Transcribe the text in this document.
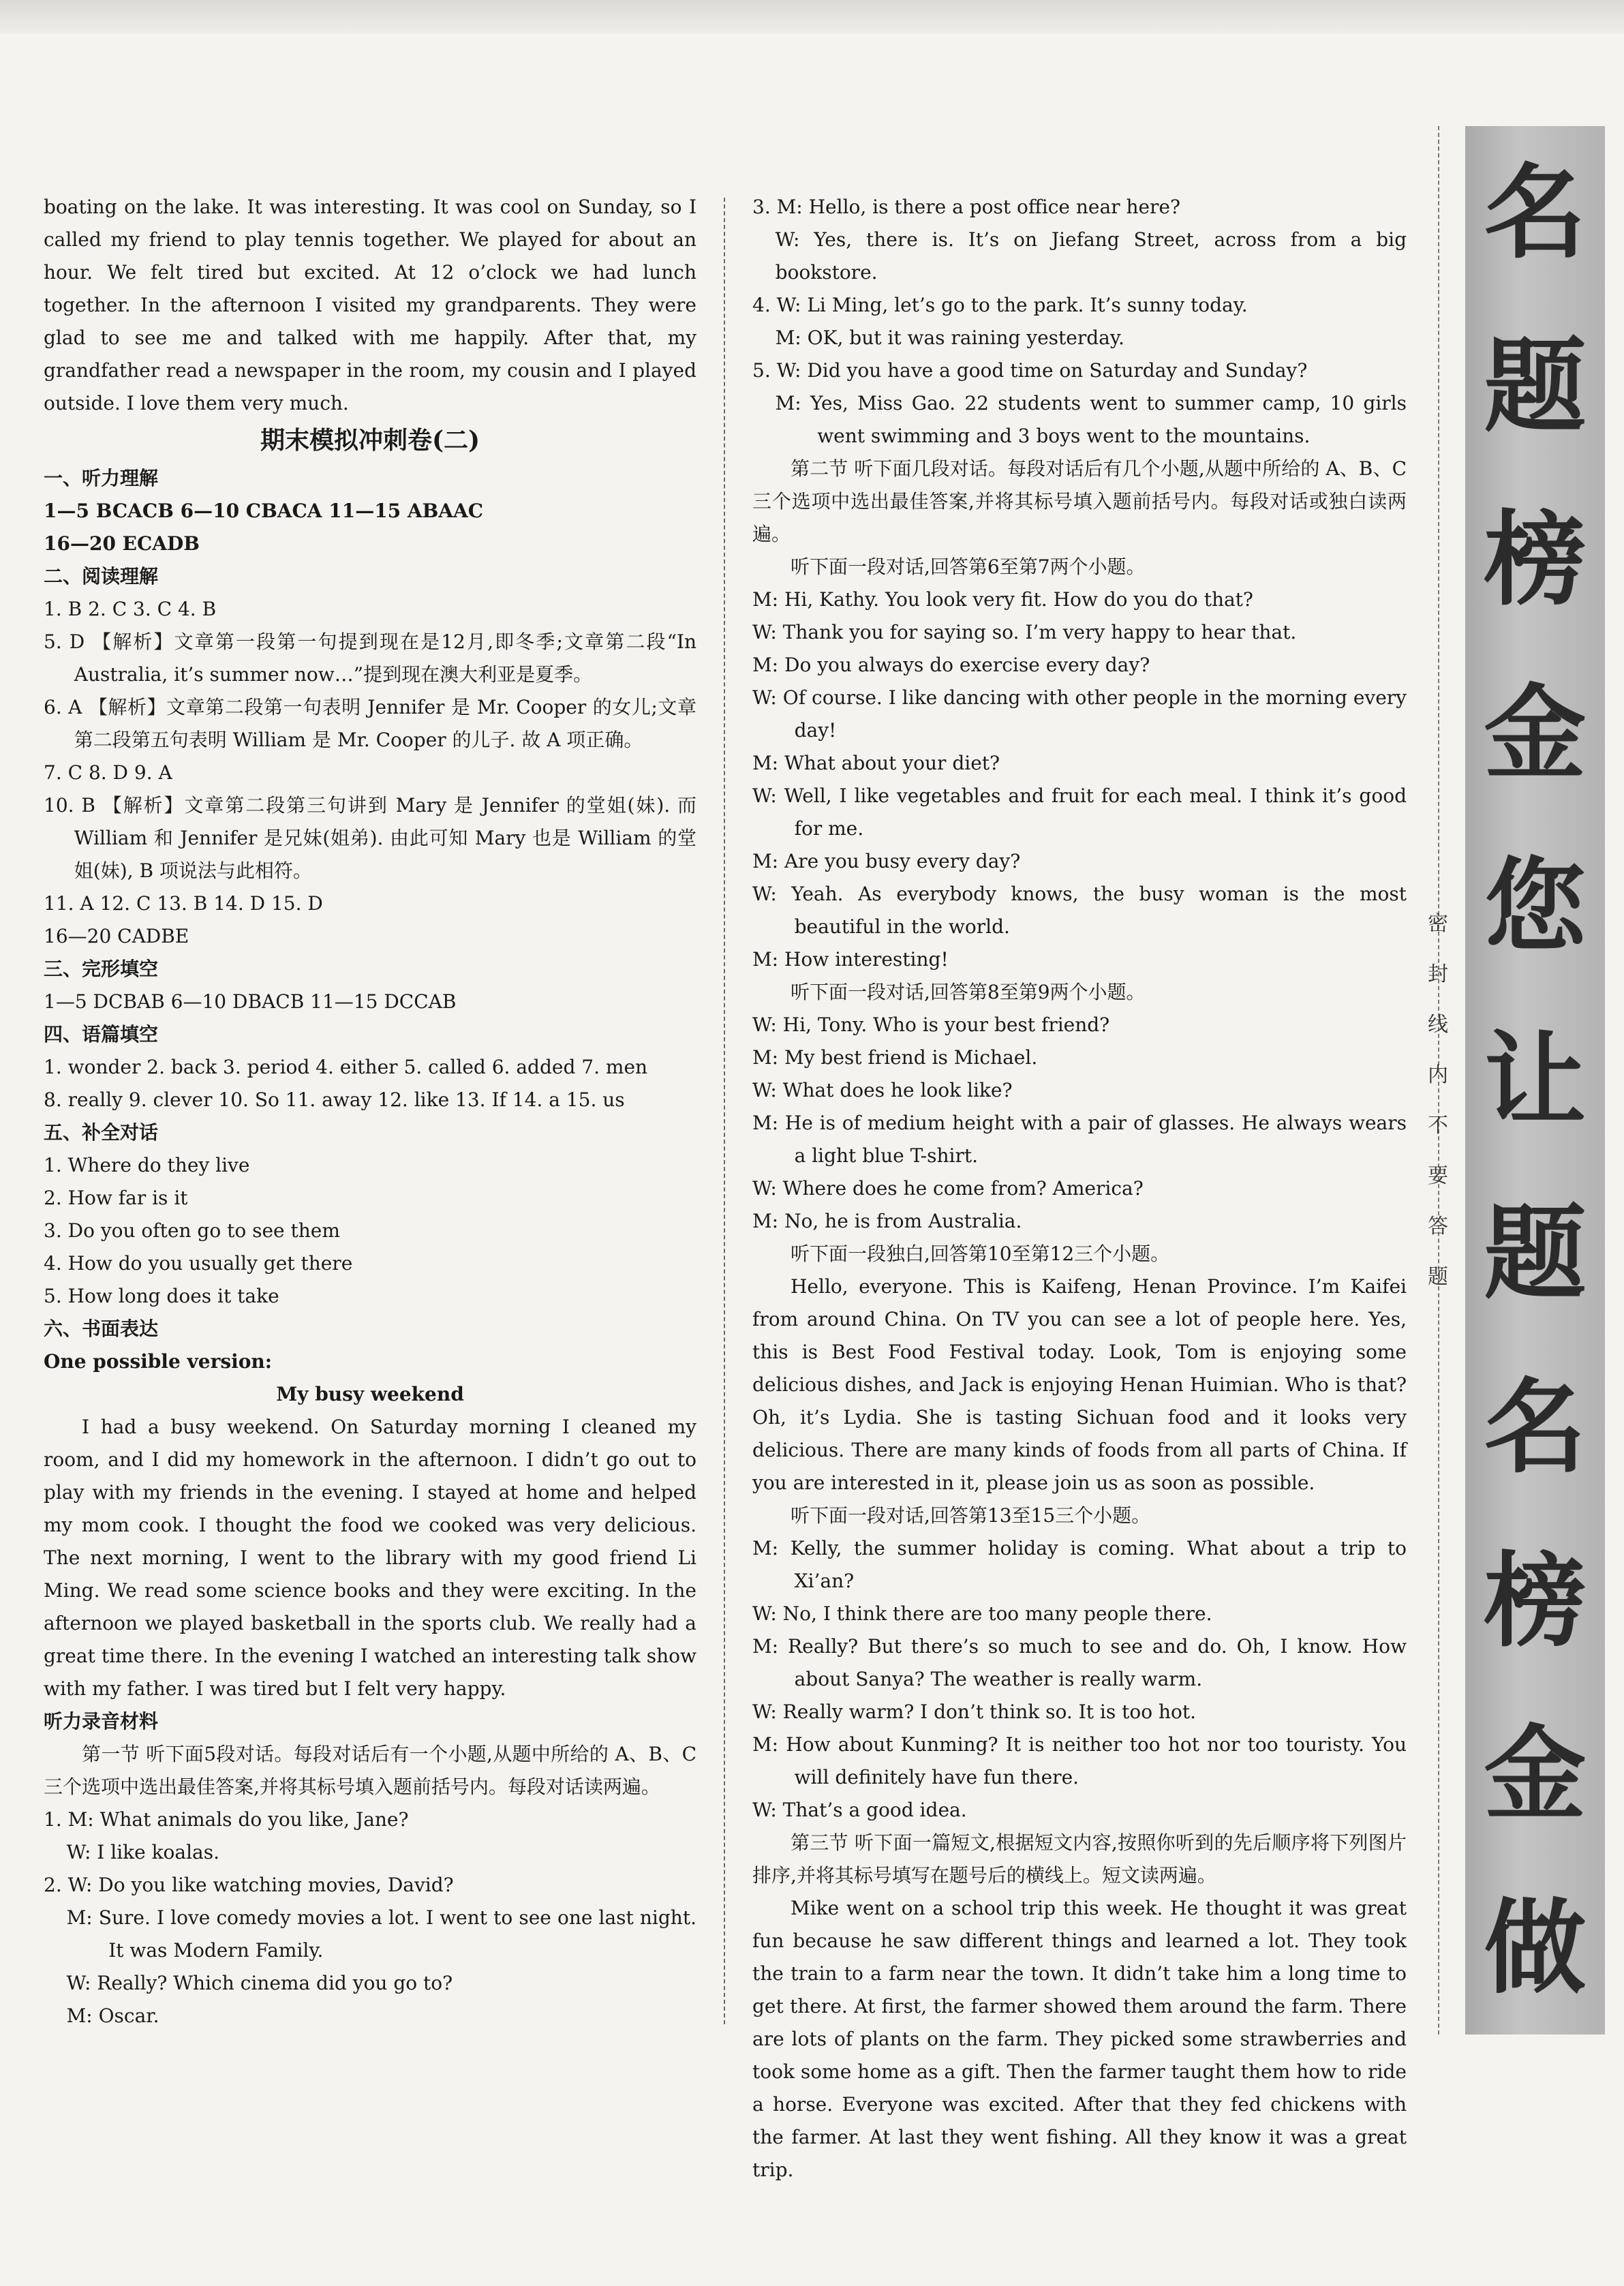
boating on the lake. It was interesting. It was cool on Sunday, so I called my friend to play tennis together. We played for about an hour. We felt tired but excited. At 12 o’clock we had lunch together. In the afternoon I visited my grandparents. They were glad to see me and talked with me happily. After that, my grandfather read a newspaper in the room, my cousin and I played outside. I love them very much.

期末模拟冲刺卷(二)

一、听力理解

1—5 BCACB 6—10 CBACA 11—15 ABAAC

16—20 ECADB

二、阅读理解

1. B 2. C 3. C 4. B

5. D 【解析】文章第一段第一句提到现在是12月,即冬季;文章第二段“In Australia, it’s summer now…”提到现在澳大利亚是夏季。

6. A 【解析】文章第二段第一句表明 Jennifer 是 Mr. Cooper 的女儿;文章第二段第五句表明 William 是 Mr. Cooper 的儿子. 故 A 项正确。

7. C 8. D 9. A

10. B 【解析】文章第二段第三句讲到 Mary 是 Jennifer 的堂姐(妹). 而 William 和 Jennifer 是兄妹(姐弟). 由此可知 Mary 也是 William 的堂姐(妹), B 项说法与此相符。

11. A 12. C 13. B 14. D 15. D

16—20 CADBE

三、完形填空

1—5 DCBAB 6—10 DBACB 11—15 DCCAB

四、语篇填空

1. wonder 2. back 3. period 4. either 5. called 6. added 7. men

8. really 9. clever 10. So 11. away 12. like 13. If 14. a 15. us

五、补全对话

1. Where do they live

2. How far is it

3. Do you often go to see them

4. How do you usually get there

5. How long does it take

六、书面表达

One possible version:

My busy weekend

I had a busy weekend. On Saturday morning I cleaned my room, and I did my homework in the afternoon. I didn’t go out to play with my friends in the evening. I stayed at home and helped my mom cook. I thought the food we cooked was very delicious. The next morning, I went to the library with my good friend Li Ming. We read some science books and they were exciting. In the afternoon we played basketball in the sports club. We really had a great time there. In the evening I watched an interesting talk show with my father. I was tired but I felt very happy.

听力录音材料

第一节 听下面5段对话。每段对话后有一个小题,从题中所给的 A、B、C 三个选项中选出最佳答案,并将其标号填入题前括号内。每段对话读两遍。

1. M: What animals do you like, Jane?

W: I like koalas.

2. W: Do you like watching movies, David?

M: Sure. I love comedy movies a lot. I went to see one last night. It was Modern Family.

W: Really? Which cinema did you go to?

M: Oscar.

3. M: Hello, is there a post office near here?

W: Yes, there is. It’s on Jiefang Street, across from a big bookstore.

4. W: Li Ming, let’s go to the park. It’s sunny today.

M: OK, but it was raining yesterday.

5. W: Did you have a good time on Saturday and Sunday?

M: Yes, Miss Gao. 22 students went to summer camp, 10 girls went swimming and 3 boys went to the mountains.

第二节 听下面几段对话。每段对话后有几个小题,从题中所给的 A、B、C 三个选项中选出最佳答案,并将其标号填入题前括号内。每段对话或独白读两遍。

听下面一段对话,回答第6至第7两个小题。

M: Hi, Kathy. You look very fit. How do you do that?

W: Thank you for saying so. I’m very happy to hear that.

M: Do you always do exercise every day?

W: Of course. I like dancing with other people in the morning every day!

M: What about your diet?

W: Well, I like vegetables and fruit for each meal. I think it’s good for me.

M: Are you busy every day?

W: Yeah. As everybody knows, the busy woman is the most beautiful in the world.

M: How interesting!

听下面一段对话,回答第8至第9两个小题。

W: Hi, Tony. Who is your best friend?

M: My best friend is Michael.

W: What does he look like?

M: He is of medium height with a pair of glasses. He always wears a light blue T-shirt.

W: Where does he come from? America?

M: No, he is from Australia.

听下面一段独白,回答第10至第12三个小题。

Hello, everyone. This is Kaifeng, Henan Province. I’m Kaifei from around China. On TV you can see a lot of people here. Yes, this is Best Food Festival today. Look, Tom is enjoying some delicious dishes, and Jack is enjoying Henan Huimian. Who is that? Oh, it’s Lydia. She is tasting Sichuan food and it looks very delicious. There are many kinds of foods from all parts of China. If you are interested in it, please join us as soon as possible.

听下面一段对话,回答第13至15三个小题。

M: Kelly, the summer holiday is coming. What about a trip to Xi’an?

W: No, I think there are too many people there.

M: Really? But there’s so much to see and do. Oh, I know. How about Sanya? The weather is really warm.

W: Really warm? I don’t think so. It is too hot.

M: How about Kunming? It is neither too hot nor too touristy. You will definitely have fun there.

W: That’s a good idea.

第三节 听下面一篇短文,根据短文内容,按照你听到的先后顺序将下列图片排序,并将其标号填写在题号后的横线上。短文读两遍。

Mike went on a school trip this week. He thought it was great fun because he saw different things and learned a lot. They took the train to a farm near the town. It didn’t take him a long time to get there. At first, the farmer showed them around the farm. There are lots of plants on the farm. They picked some strawberries and took some home as a gift. Then the farmer taught them how to ride a horse. Everyone was excited. After that they fed chickens with the farmer. At last they went fishing. All they know it was a great trip.

密
封
线
内
不
要
答
题
做
金
榜
名
题
让
您
金
榜
题
名
